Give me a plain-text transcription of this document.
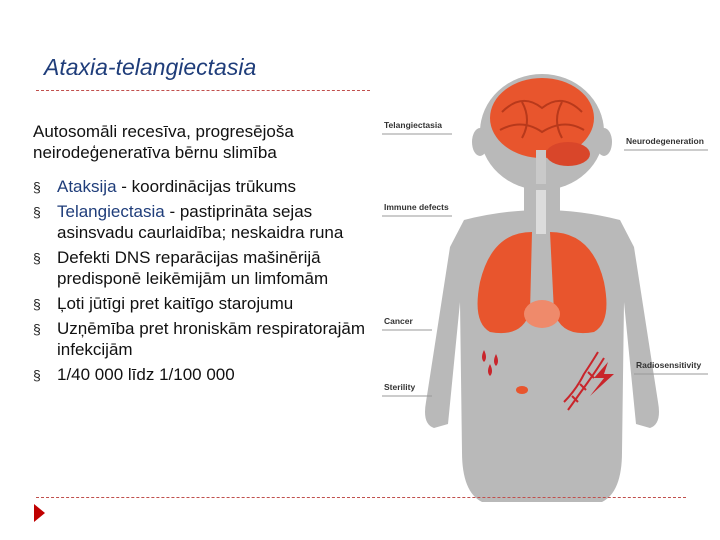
Ataxia-telangiectasia
Autosomāli recesīva, progresējoša neirodeģeneratīva bērnu slimība
§ Ataksija - koordinācijas trūkums
§ Telangiectasia - pastiprināta sejas asinsvadu caurlaidība; neskaidra runa
§ Defekti DNS reparācijas mašinērijā predisponē leikēmijām un limfomām
§ Ļoti jūtīgi pret kaitīgo starojumu
§ Uzņēmība pret hroniskām respiratorajām infekcijām
§ 1/40 000 līdz 1/100 000
Telangiectasia
Neurodegeneration
Immune defects
Cancer
Radiosensitivity
Sterility
